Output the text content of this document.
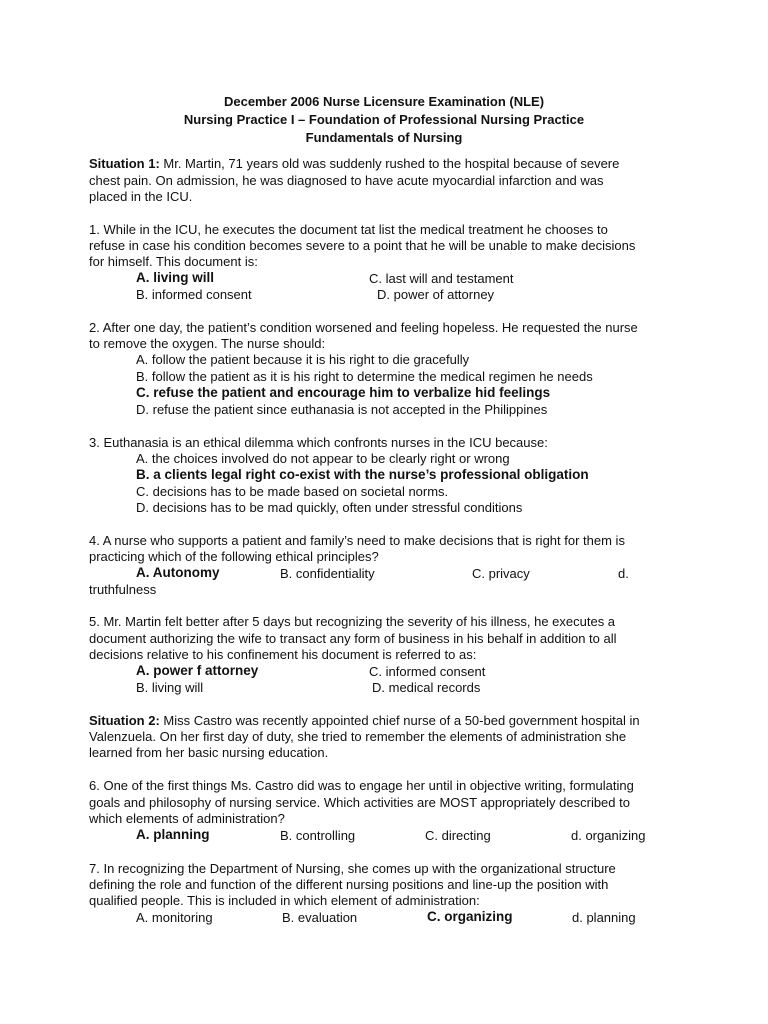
December 2006 Nurse Licensure Examination (NLE)
Nursing Practice I – Foundation of Professional Nursing Practice
Fundamentals of Nursing
Situation 1: Mr. Martin, 71 years old was suddenly rushed to the hospital because of severe
chest pain. On admission, he was diagnosed to have acute myocardial infarction and was
placed in the ICU.
1. While in the ICU, he executes the document tat list the medical treatment he chooses to
refuse in case his condition becomes severe to a point that he will be unable to make decisions
for himself. This document is:
A. living will	C. last will and testament
B. informed consent	D. power of attorney
2. After one day, the patient’s condition worsened and feeling hopeless. He requested the nurse
to remove the oxygen. The nurse should:
A. follow the patient because it is his right to die gracefully
B. follow the patient as it is his right to determine the medical regimen he needs
C. refuse the patient and encourage him to verbalize hid feelings
D. refuse the patient since euthanasia is not accepted in the Philippines
3. Euthanasia is an ethical dilemma which confronts nurses in the ICU because:
A. the choices involved do not appear to be clearly right or wrong
B. a clients legal right co-exist with the nurse’s professional obligation
C. decisions has to be made based on societal norms.
D. decisions has to be mad quickly, often under stressful conditions
4. A nurse who supports a patient and family’s need to make decisions that is right for them is
practicing which of the following ethical principles?
A. Autonomy	B. confidentiality	C. privacy	d.
truthfulness
5. Mr. Martin felt better after 5 days but recognizing the severity of his illness, he executes a
document authorizing the wife to transact any form of business in his behalf in addition to all
decisions relative to his confinement his document is referred to as:
A. power f attorney	C. informed consent
B. living will	D. medical records
Situation 2: Miss Castro was recently appointed chief nurse of a 50-bed government hospital in
Valenzuela. On her first day of duty, she tried to remember the elements of administration she
learned from her basic nursing education.
6. One of the first things Ms. Castro did was to engage her until in objective writing, formulating
goals and philosophy of nursing service. Which activities are MOST appropriately described to
which elements of administration?
A. planning	B. controlling	C. directing	d. organizing
7. In recognizing the Department of Nursing, she comes up with the organizational structure
defining the role and function of the different nursing positions and line-up the position with
qualified people. This is included in which element of administration:
A. monitoring	B. evaluation	C. organizing	d. planning
